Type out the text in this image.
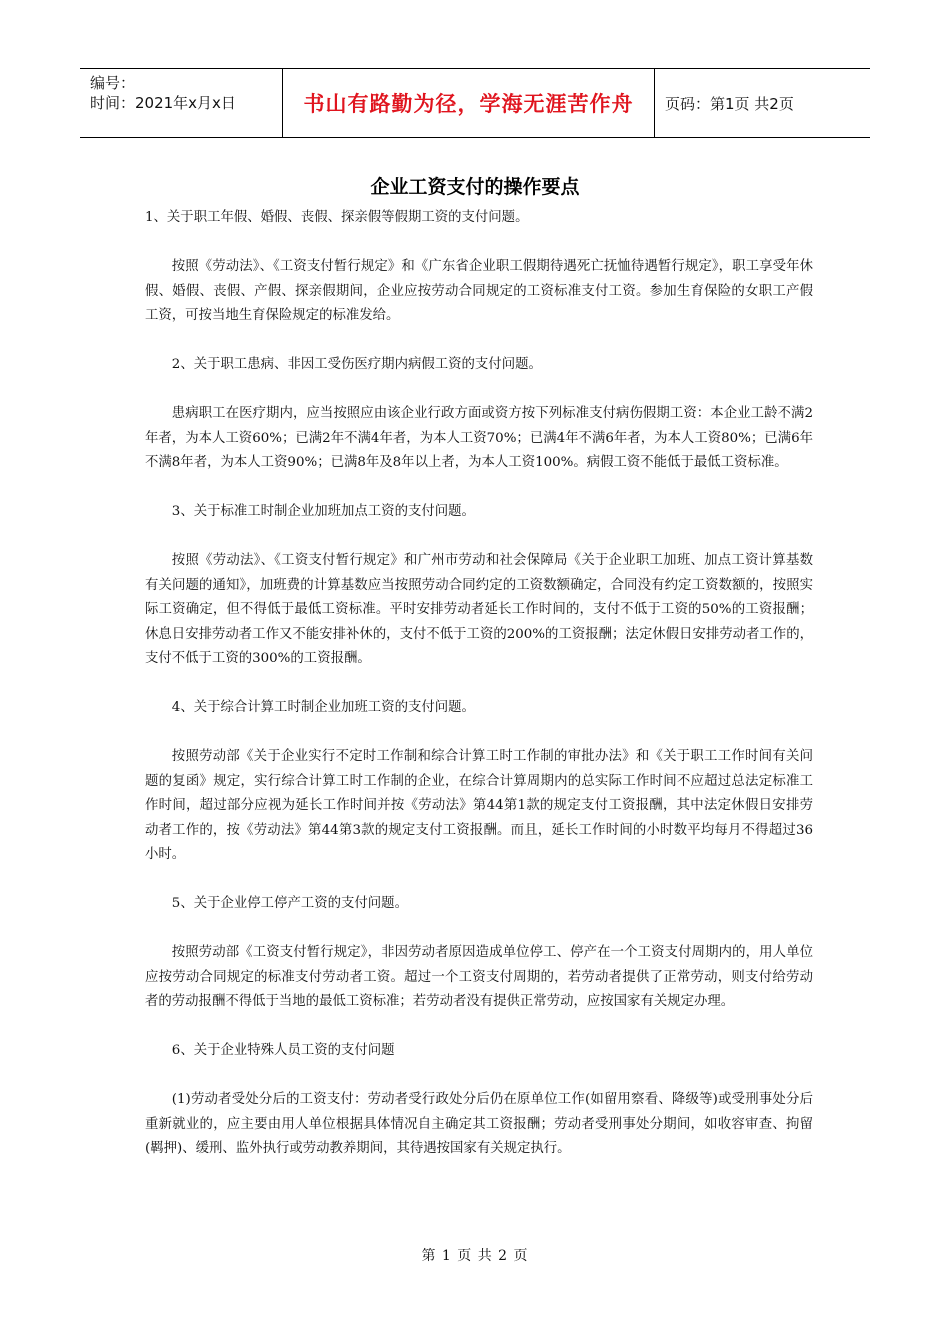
编号：
时间：2021年x月x日	书山有路勤为径，学海无涯苦作舟	页码：第1页 共2页
企业工资支付的操作要点

1、关于职工年假、婚假、丧假、探亲假等假期工资的支付问题。

按照《劳动法》、《工资支付暂行规定》和《广东省企业职工假期待遇死亡抚恤待遇暂行规定》，职工享受年休假、婚假、丧假、产假、探亲假期间，企业应按劳动合同规定的工资标准支付工资。参加生育保险的女职工产假工资，可按当地生育保险规定的标准发给。

2、关于职工患病、非因工受伤医疗期内病假工资的支付问题。

患病职工在医疗期内，应当按照应由该企业行政方面或资方按下列标准支付病伤假期工资：本企业工龄不满2年者，为本人工资60%；已满2年不满4年者，为本人工资70%；已满4年不满6年者，为本人工资80%；已满6年不满8年者，为本人工资90%；已满8年及8年以上者，为本人工资100%。病假工资不能低于最低工资标准。

3、关于标准工时制企业加班加点工资的支付问题。

按照《劳动法》、《工资支付暂行规定》和广州市劳动和社会保障局《关于企业职工加班、加点工资计算基数有关问题的通知》，加班费的计算基数应当按照劳动合同约定的工资数额确定，合同没有约定工资数额的，按照实际工资确定，但不得低于最低工资标准。平时安排劳动者延长工作时间的，支付不低于工资的50%的工资报酬；休息日安排劳动者工作又不能安排补休的，支付不低于工资的200%的工资报酬；法定休假日安排劳动者工作的，支付不低于工资的300%的工资报酬。

4、关于综合计算工时制企业加班工资的支付问题。

按照劳动部《关于企业实行不定时工作制和综合计算工时工作制的审批办法》和《关于职工工作时间有关问题的复函》规定，实行综合计算工时工作制的企业，在综合计算周期内的总实际工作时间不应超过总法定标准工作时间，超过部分应视为延长工作时间并按《劳动法》第44第1款的规定支付工资报酬，其中法定休假日安排劳动者工作的，按《劳动法》第44第3款的规定支付工资报酬。而且，延长工作时间的小时数平均每月不得超过36小时。

5、关于企业停工停产工资的支付问题。

按照劳动部《工资支付暂行规定》，非因劳动者原因造成单位停工、停产在一个工资支付周期内的，用人单位应按劳动合同规定的标准支付劳动者工资。超过一个工资支付周期的，若劳动者提供了正常劳动，则支付给劳动者的劳动报酬不得低于当地的最低工资标准；若劳动者没有提供正常劳动，应按国家有关规定办理。

6、关于企业特殊人员工资的支付问题

(1)劳动者受处分后的工资支付：劳动者受行政处分后仍在原单位工作(如留用察看、降级等)或受刑事处分后重新就业的，应主要由用人单位根据具体情况自主确定其工资报酬；劳动者受刑事处分期间，如收容审查、拘留(羁押)、缓刑、监外执行或劳动教养期间，其待遇按国家有关规定执行。

第 1 页 共 2 页
